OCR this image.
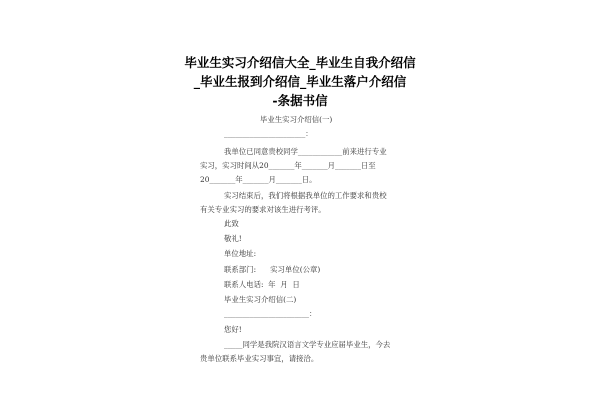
毕业生实习介绍信大全_毕业生自我介绍信
_毕业生报到介绍信_毕业生落户介绍信
-条据书信
毕业生实习介绍信(一)
______________________：
我单位已同意贵校同学____________前来进行专业
实习，实习时间从20_______年_______月_______日至
20_______年_______月_______日。
实习结束后，我们将根据我单位的工作要求和贵校
有关专业实习的要求对该生进行考评。
此致
敬礼!
单位地址:
联系部门:      实习单位(公章)
联系人电话:  年  月  日
毕业生实习介绍信(二)
_______________________：
您好!
_____同学是我院汉语言文学专业应届毕业生，今去
贵单位联系毕业实习事宜，请接洽。
